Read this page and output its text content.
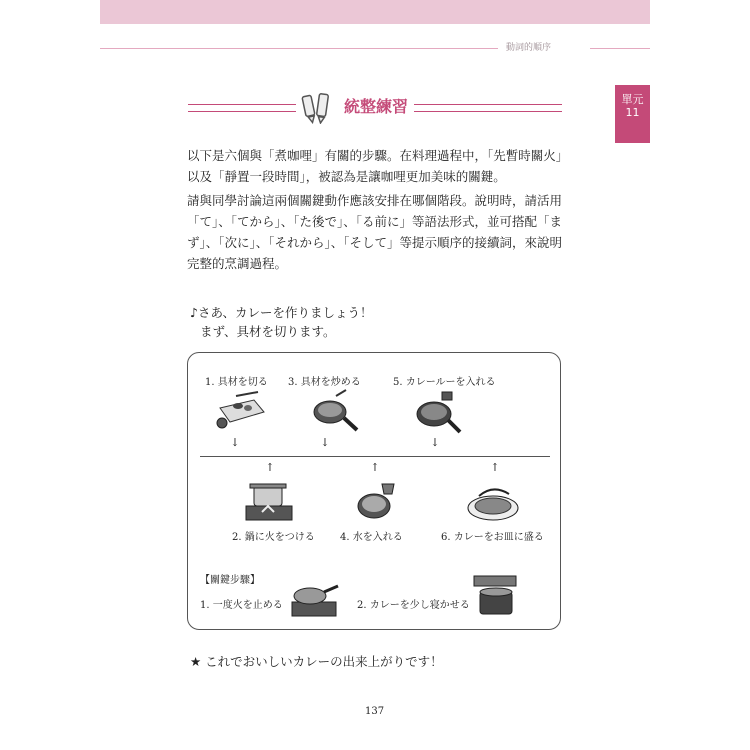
動詞的順序
單元
11
統整練習
以下是六個與「煮咖哩」有關的步驟。在料理過程中，「先暫時關火」以及「靜置一段時間」，被認為是讓咖哩更加美味的關鍵。
請與同學討論這兩個關鍵動作應該安排在哪個階段。說明時，請活用「て」、「てから」、「た後で」、「る前に」等語法形式，並可搭配「まず」、「次に」、「それから」、「そして」等提示順序的接續詞，來說明完整的烹調過程。
♪さあ、カレーを作りましょう！
まず、具材を切ります。
1. 具材を切る 3. 具材を炒める	5. カレールーを入れる
↓	↓	↓
↑	↑	↑
2. 鍋に火をつける	4. 水を入れる	6. カレーをお皿に盛る
【關鍵步驟】
1. 一度火を止める	2. カレーを少し寝かせる
★ これでおいしいカレーの出来上がりです！
137
